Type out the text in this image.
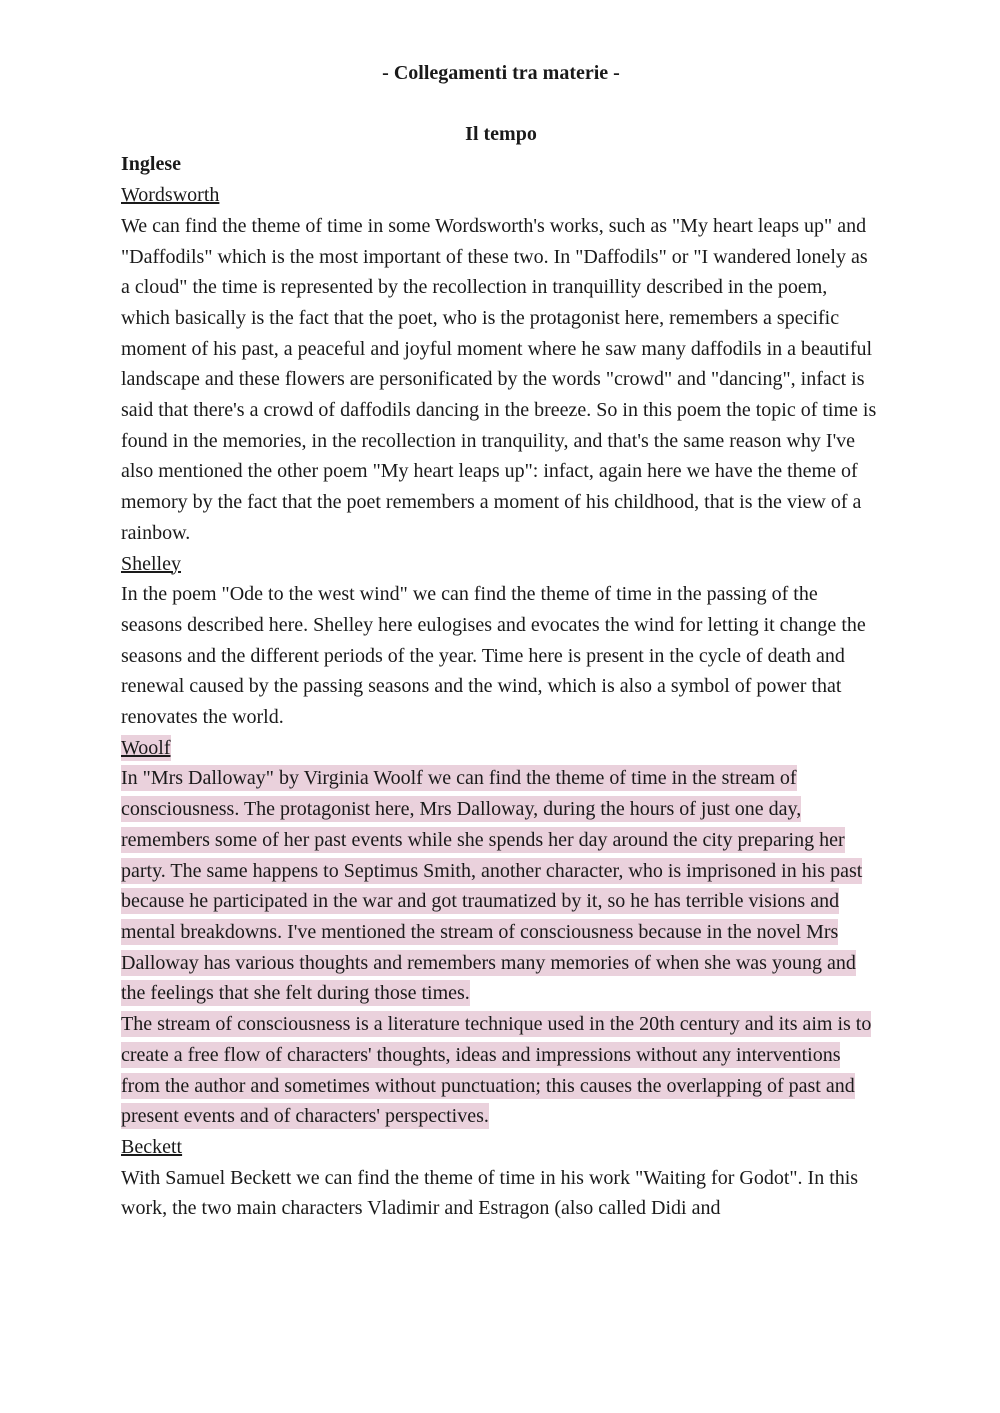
- Collegamenti tra materie -

Il tempo

Inglese

Wordsworth

We can find the theme of time in some Wordsworth's works, such as "My heart leaps up" and "Daffodils" which is the most important of these two. In "Daffodils" or "I wandered lonely as a cloud" the time is represented by the recollection in tranquillity described in the poem, which basically is the fact that the poet, who is the protagonist here, remembers a specific moment of his past, a peaceful and joyful moment where he saw many daffodils in a beautiful landscape and these flowers are personificated by the words "crowd" and "dancing", infact is said that there's a crowd of daffodils dancing in the breeze. So in this poem the topic of time is found in the memories, in the recollection in tranquility, and that's the same reason why I've also mentioned the other poem "My heart leaps up": infact, again here we have the theme of memory by the fact that the poet remembers a moment of his childhood, that is the view of a rainbow.

Shelley

In the poem "Ode to the west wind" we can find the theme of time in the passing of the seasons described here. Shelley here eulogises and evocates the wind for letting it change the seasons and the different periods of the year. Time here is present in the cycle of death and renewal caused by the passing seasons and the wind, which is also a symbol of power that renovates the world.

Woolf

In "Mrs Dalloway" by Virginia Woolf we can find the theme of time in the stream of consciousness. The protagonist here, Mrs Dalloway, during the hours of just one day, remembers some of her past events while she spends her day around the city preparing her party. The same happens to Septimus Smith, another character, who is imprisoned in his past because he participated in the war and got traumatized by it, so he has terrible visions and mental breakdowns. I've mentioned the stream of consciousness because in the novel Mrs Dalloway has various thoughts and remembers many memories of when she was young and the feelings that she felt during those times.

The stream of consciousness is a literature technique used in the 20th century and its aim is to create a free flow of characters' thoughts, ideas and impressions without any interventions from the author and sometimes without punctuation; this causes the overlapping of past and present events and of characters' perspectives.

Beckett

With Samuel Beckett we can find the theme of time in his work "Waiting for Godot". In this work, the two main characters Vladimir and Estragon (also called Didi and
